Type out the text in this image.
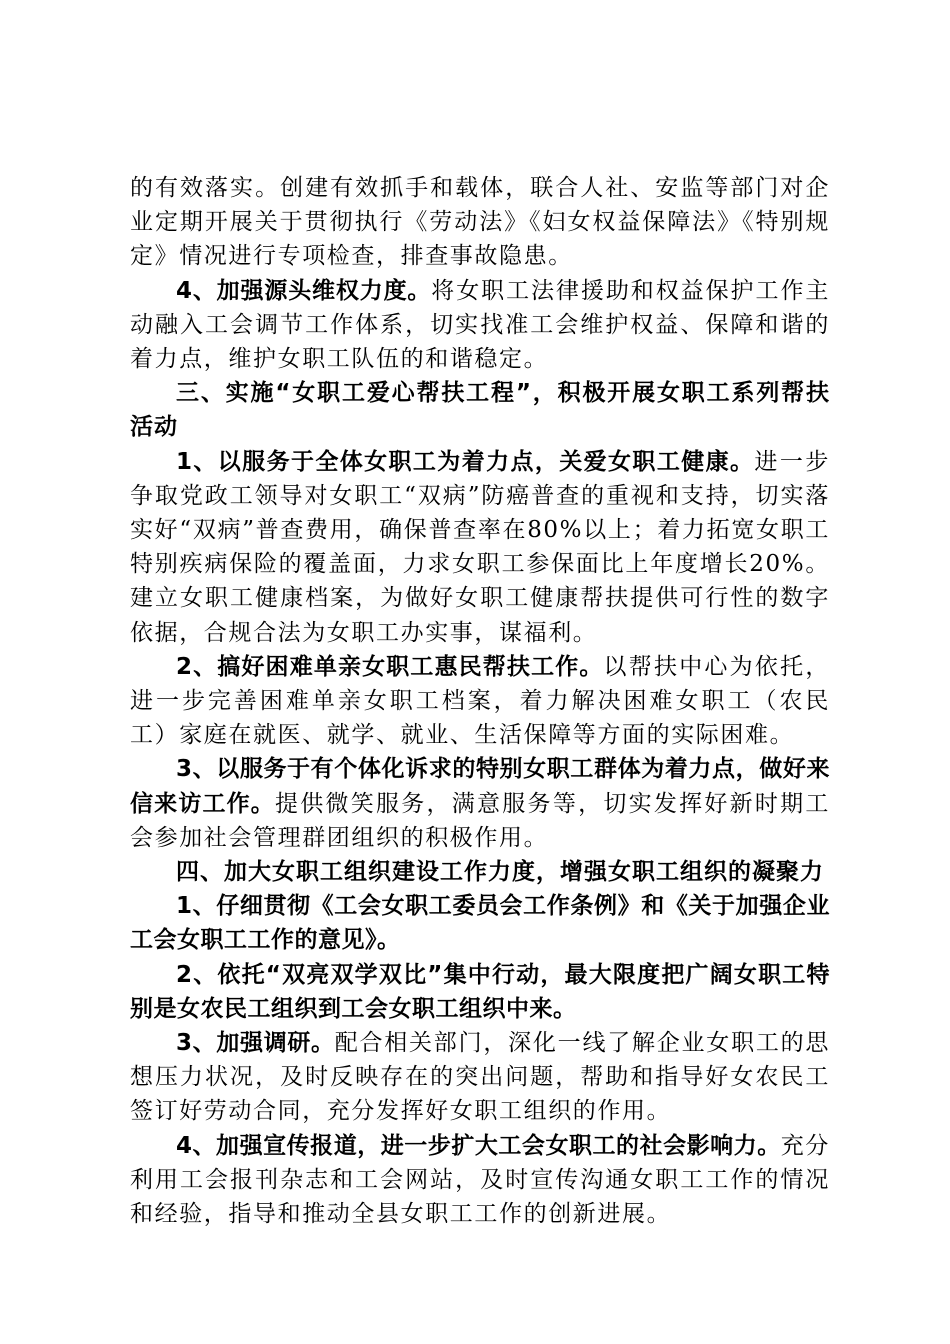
的有效落实。创建有效抓手和载体，联合人社、安监等部门对企业定期开展关于贯彻执行《劳动法》《妇女权益保障法》《特别规定》情况进行专项检查，排查事故隐患。

4、加强源头维权力度。将女职工法律援助和权益保护工作主动融入工会调节工作体系，切实找准工会维护权益、保障和谐的着力点，维护女职工队伍的和谐稳定。

三、实施“女职工爱心帮扶工程”，积极开展女职工系列帮扶活动

1、以服务于全体女职工为着力点，关爱女职工健康。进一步争取党政工领导对女职工“双病”防癌普查的重视和支持，切实落实好“双病”普查费用，确保普查率在80%以上；着力拓宽女职工特别疾病保险的覆盖面，力求女职工参保面比上年度增长20%。建立女职工健康档案，为做好女职工健康帮扶提供可行性的数字依据，合规合法为女职工办实事，谋福利。

2、搞好困难单亲女职工惠民帮扶工作。以帮扶中心为依托，进一步完善困难单亲女职工档案，着力解决困难女职工（农民工）家庭在就医、就学、就业、生活保障等方面的实际困难。

3、以服务于有个体化诉求的特别女职工群体为着力点，做好来信来访工作。提供微笑服务，满意服务等，切实发挥好新时期工会参加社会管理群团组织的积极作用。

四、加大女职工组织建设工作力度，增强女职工组织的凝聚力

1、仔细贯彻《工会女职工委员会工作条例》和《关于加强企业工会女职工工作的意见》。

2、依托“双亮双学双比”集中行动，最大限度把广阔女职工特别是女农民工组织到工会女职工组织中来。

3、加强调研。配合相关部门，深化一线了解企业女职工的思想压力状况，及时反映存在的突出问题，帮助和指导好女农民工签订好劳动合同，充分发挥好女职工组织的作用。

4、加强宣传报道，进一步扩大工会女职工的社会影响力。充分利用工会报刊杂志和工会网站，及时宣传沟通女职工工作的情况和经验，指导和推动全县女职工工作的创新进展。
